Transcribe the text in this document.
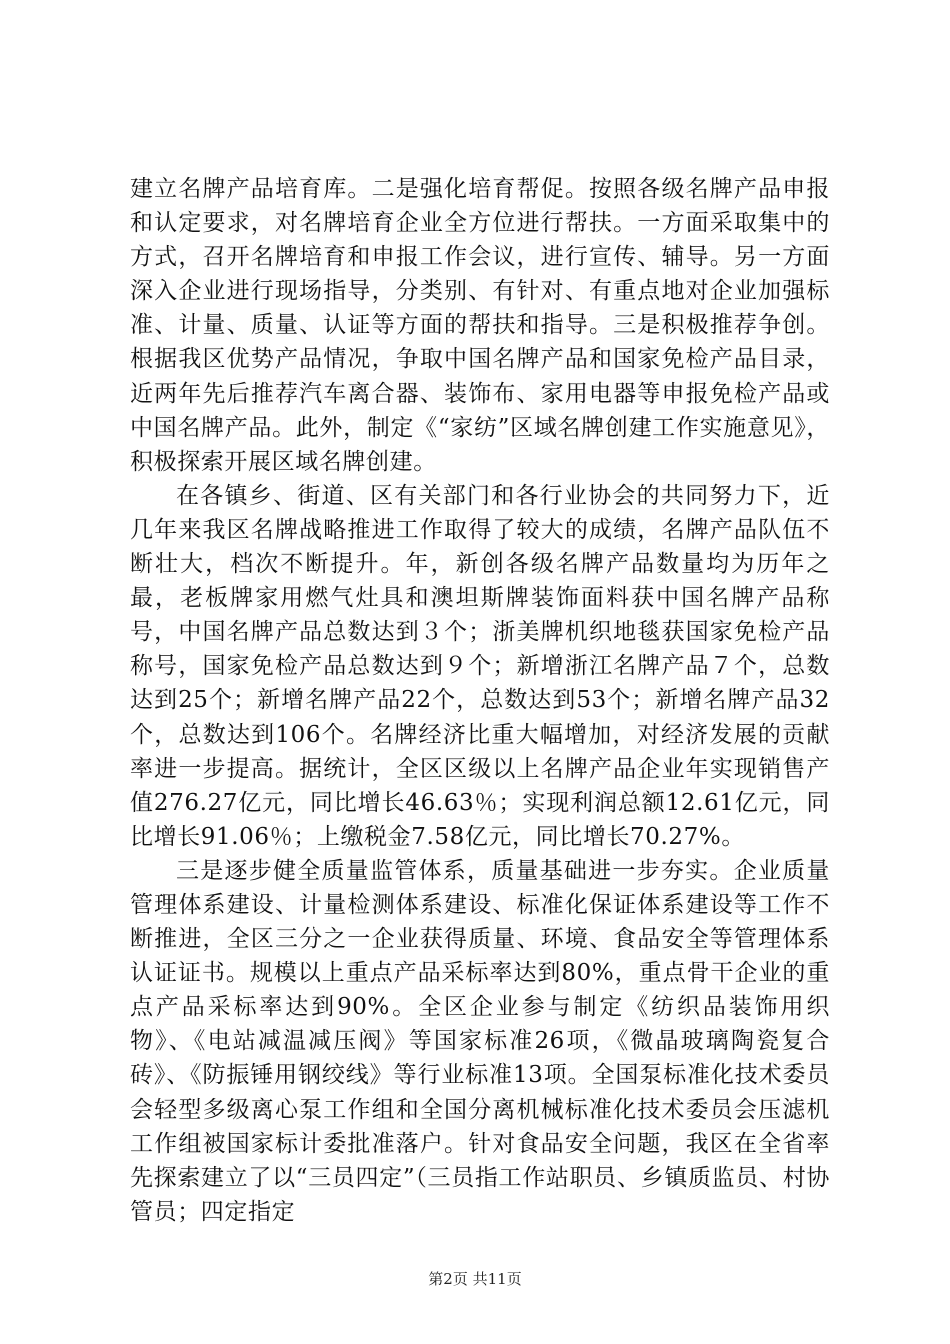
建立名牌产品培育库。二是强化培育帮促。按照各级名牌产品申报和认定要求，对名牌培育企业全方位进行帮扶。一方面采取集中的方式，召开名牌培育和申报工作会议，进行宣传、辅导。另一方面深入企业进行现场指导，分类别、有针对、有重点地对企业加强标准、计量、质量、认证等方面的帮扶和指导。三是积极推荐争创。根据我区优势产品情况，争取中国名牌产品和国家免检产品目录，近两年先后推荐汽车离合器、装饰布、家用电器等申报免检产品或中国名牌产品。此外，制定《“家纺”区域名牌创建工作实施意见》，积极探索开展区域名牌创建。

在各镇乡、街道、区有关部门和各行业协会的共同努力下，近几年来我区名牌战略推进工作取得了较大的成绩，名牌产品队伍不断壮大，档次不断提升。年，新创各级名牌产品数量均为历年之最，老板牌家用燃气灶具和澳坦斯牌装饰面料获中国名牌产品称号，中国名牌产品总数达到３个；浙美牌机织地毯获国家免检产品称号，国家免检产品总数达到９个；新增浙江名牌产品７个，总数达到25个；新增名牌产品22个，总数达到53个；新增名牌产品32个，总数达到106个。名牌经济比重大幅增加，对经济发展的贡献率进一步提高。据统计，全区区级以上名牌产品企业年实现销售产值276.27亿元，同比增长46.63％；实现利润总额12.61亿元，同比增长91.06％；上缴税金7.58亿元，同比增长70.27%。

三是逐步健全质量监管体系，质量基础进一步夯实。企业质量管理体系建设、计量检测体系建设、标准化保证体系建设等工作不断推进，全区三分之一企业获得质量、环境、食品安全等管理体系认证证书。规模以上重点产品采标率达到80%，重点骨干企业的重点产品采标率达到90%。全区企业参与制定《纺织品装饰用织物》、《电站减温减压阀》等国家标准26项，《微晶玻璃陶瓷复合砖》、《防振锤用钢绞线》等行业标准13项。全国泵标准化技术委员会轻型多级离心泵工作组和全国分离机械标准化技术委员会压滤机工作组被国家标计委批准落户。针对食品安全问题，我区在全省率先探索建立了以“三员四定”（三员指工作站职员、乡镇质监员、村协管员；四定指定

第2页 共11页
